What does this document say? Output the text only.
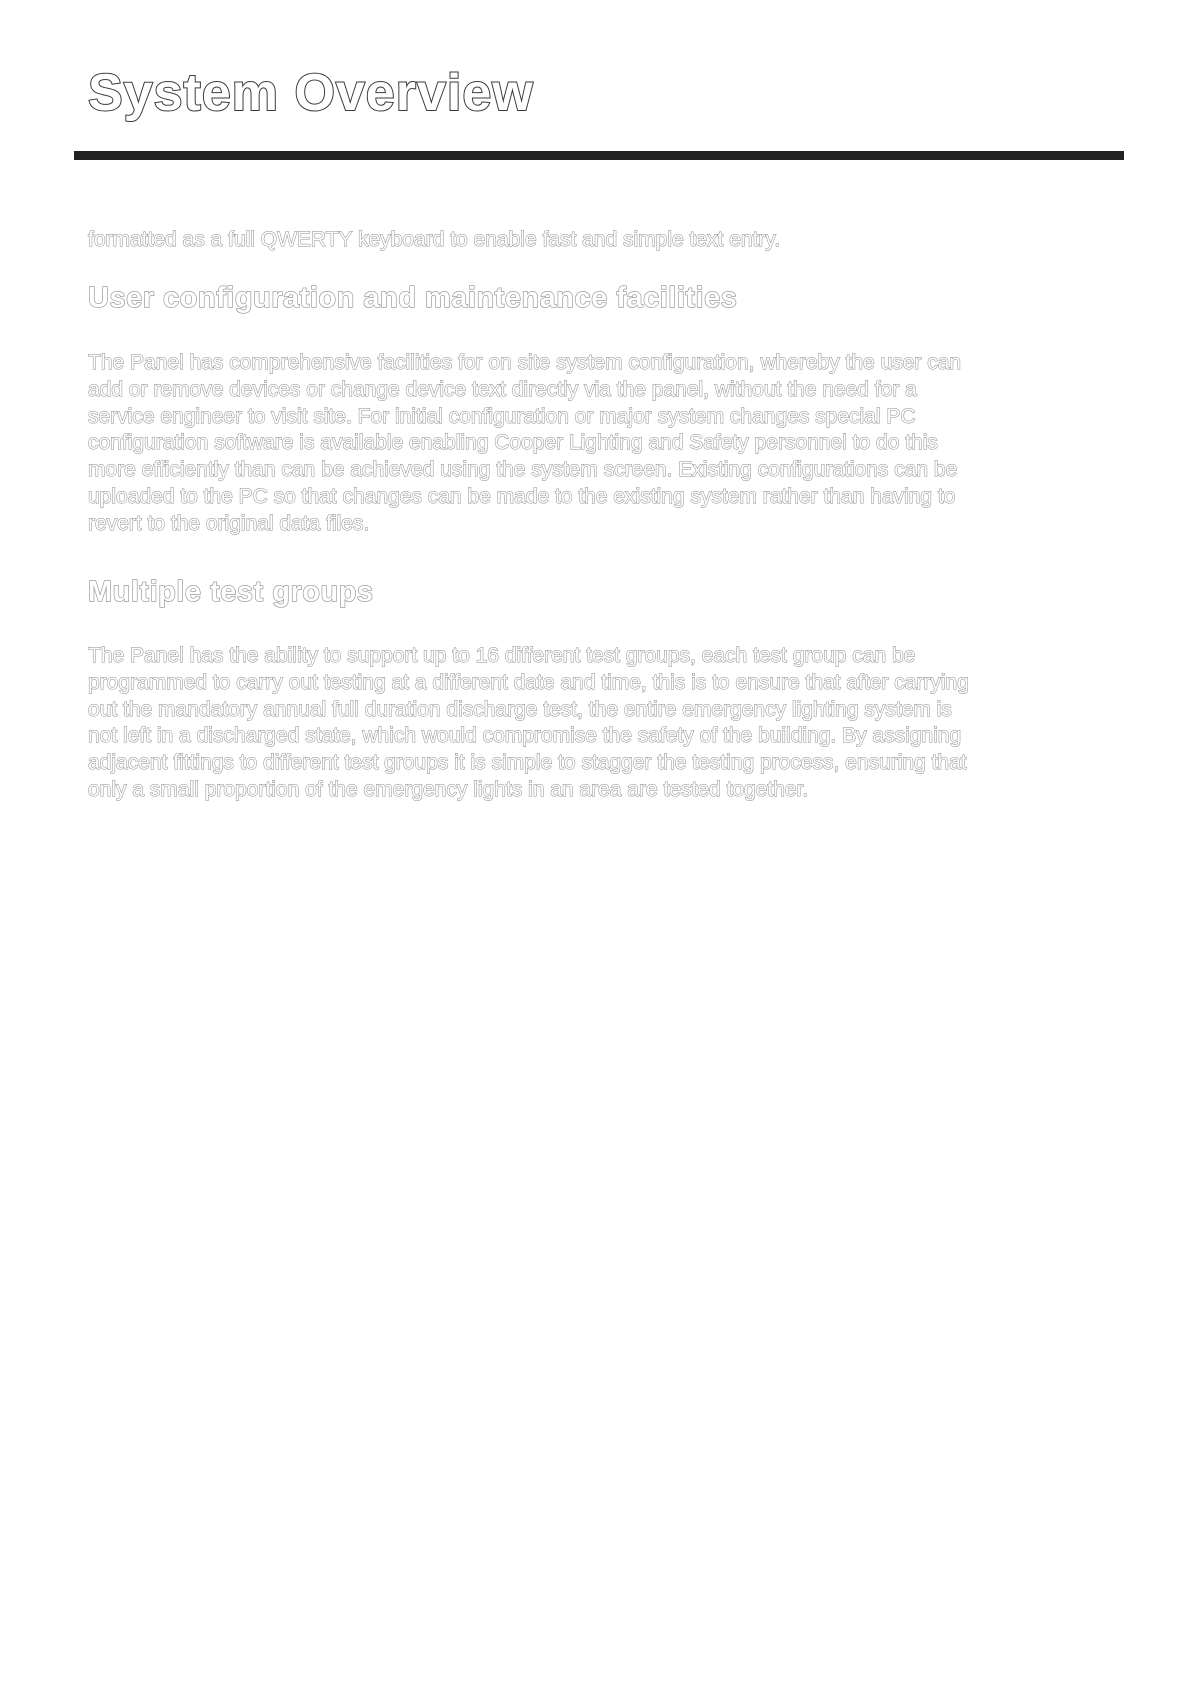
System Overview

formatted as a full QWERTY keyboard to enable fast and simple text entry.

User configuration and maintenance facilities

The Panel has comprehensive facilities for on site system configuration, whereby the user can
add or remove devices or change device text directly via the panel, without the need for a
service engineer to visit site. For initial configuration or major system changes special PC
configuration software is available enabling Cooper Lighting and Safety personnel to do this
more efficiently than can be achieved using the system screen. Existing configurations can be
uploaded to the PC so that changes can be made to the existing system rather than having to
revert to the original data files.

Multiple test groups

The Panel has the ability to support up to 16 different test groups, each test group can be
programmed to carry out testing at a different date and time, this is to ensure that after carrying
out the mandatory annual full duration discharge test, the entire emergency lighting system is
not left in a discharged state, which would compromise the safety of the building. By assigning
adjacent fittings to different test groups it is simple to stagger the testing process, ensuring that
only a small proportion of the emergency lights in an area are tested together.
